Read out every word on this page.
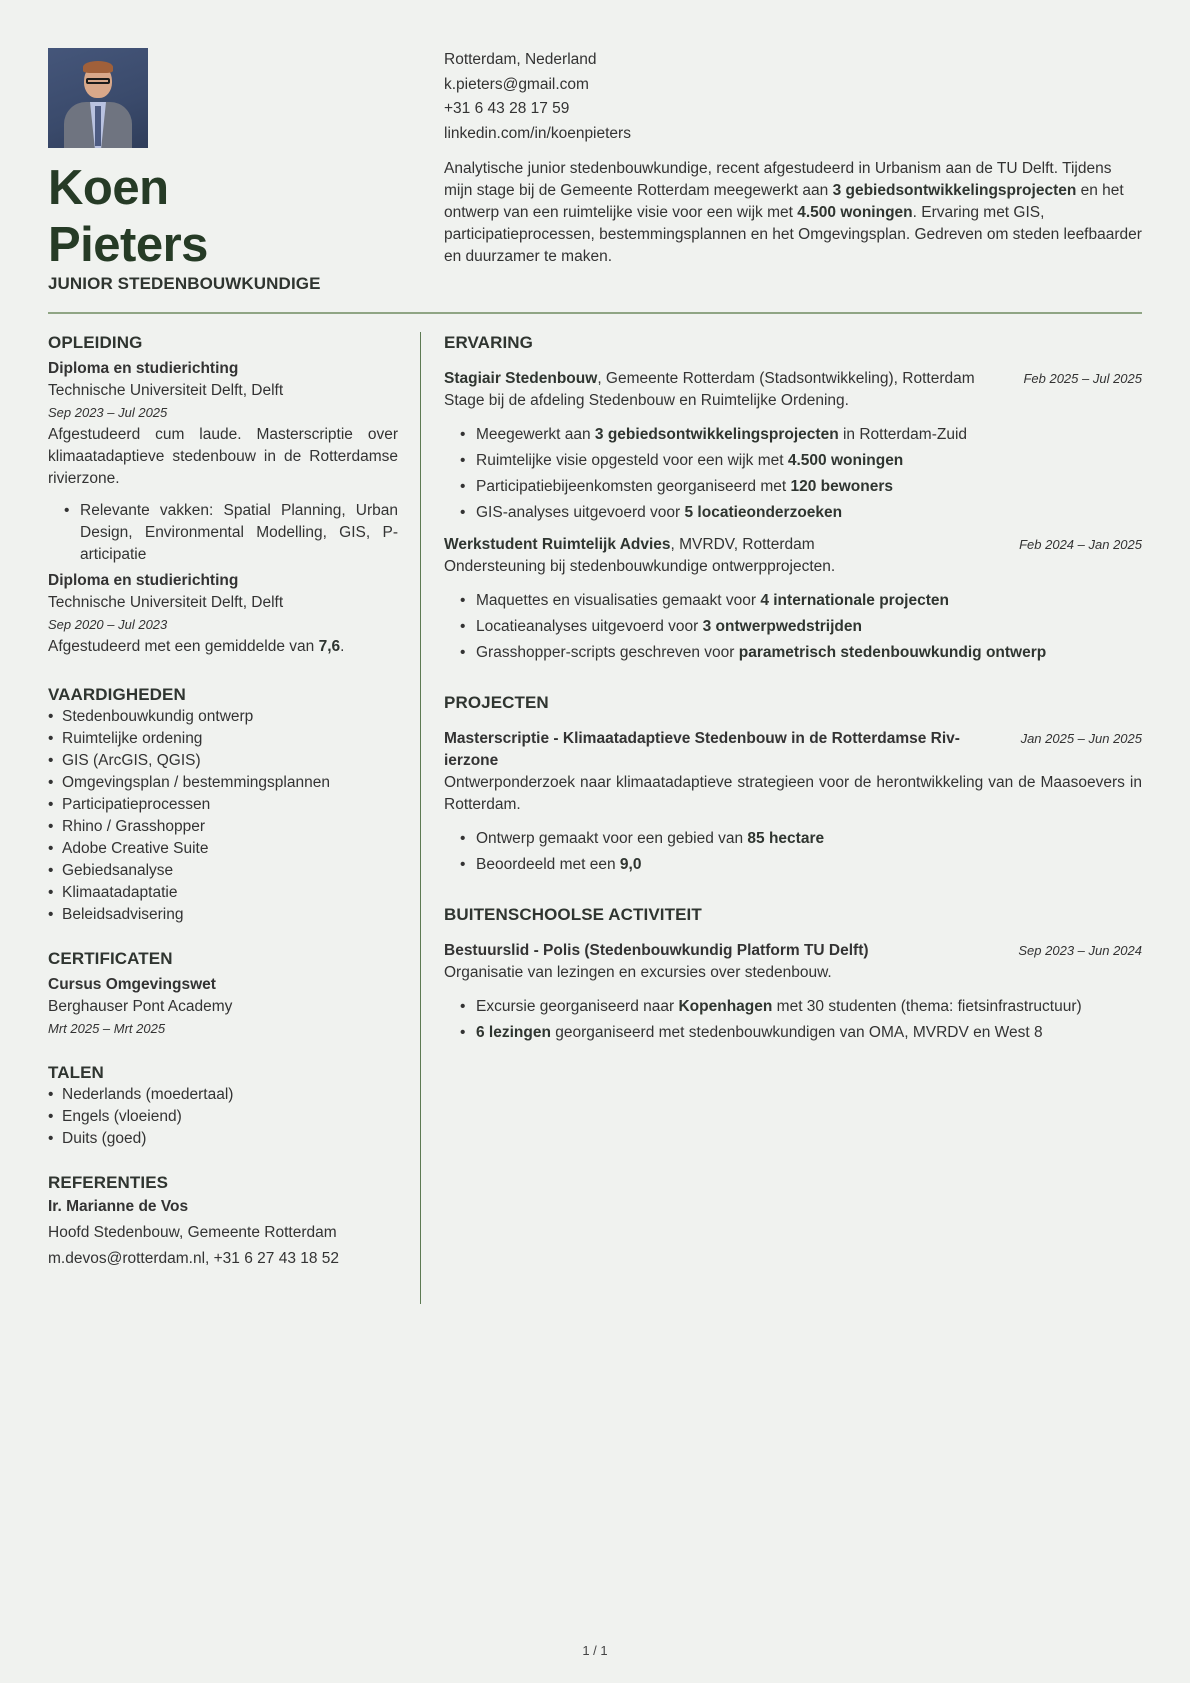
Koen
Pieters
JUNIOR STEDENBOUWKUNDIGE
Rotterdam, Nederland
k.pieters@gmail.com
+31 6 43 28 17 59
linkedin.com/in/koenpieters
Analytische junior stedenbouwkundige, recent afgestudeerd in Urbanism aan de TU Delft. Tijdens mijn stage bij de Gemeente Rotterdam meegewerkt aan 3 gebiedsontwikkelingsprojecten en het ontwerp van een ruimtelijke visie voor een wijk met 4.500 woningen. Ervaring met GIS, participatieprocessen, bestemmingsplannen en het Omgevingsplan. Gedreven om steden leefbaarder en duurzamer te maken.
OPLEIDING
Diploma en studierichting
Technische Universiteit Delft, Delft
Sep 2023 – Jul 2025
Afgestudeerd cum laude. Masterscriptie over klimaatadaptieve stedenbouw in de Rotterdamse rivierzone.
• Relevante vakken: Spatial Planning, Urban Design, Environmental Modelling, GIS, Participatie
Diploma en studierichting
Technische Universiteit Delft, Delft
Sep 2020 – Jul 2023
Afgestudeerd met een gemiddelde van 7,6.
VAARDIGHEDEN
• Stedenbouwkundig ontwerp
• Ruimtelijke ordening
• GIS (ArcGIS, QGIS)
• Omgevingsplan / bestemmingsplannen
• Participatieprocessen
• Rhino / Grasshopper
• Adobe Creative Suite
• Gebiedsanalyse
• Klimaatadaptatie
• Beleidsadvisering
CERTIFICATEN
Cursus Omgevingswet
Berghauser Pont Academy
Mrt 2025 – Mrt 2025
TALEN
• Nederlands (moedertaal)
• Engels (vloeiend)
• Duits (goed)
REFERENTIES
Ir. Marianne de Vos
Hoofd Stedenbouw, Gemeente Rotterdam
m.devos@rotterdam.nl, +31 6 27 43 18 52
ERVARING
Stagiair Stedenbouw, Gemeente Rotterdam (Stadsontwikkeling), Rotterdam	Feb 2025 – Jul 2025
Stage bij de afdeling Stedenbouw en Ruimtelijke Ordening.
• Meegewerkt aan 3 gebiedsontwikkelingsprojecten in Rotterdam-Zuid
• Ruimtelijke visie opgesteld voor een wijk met 4.500 woningen
• Participatiebijeenkomsten georganiseerd met 120 bewoners
• GIS-analyses uitgevoerd voor 5 locatieonderzoeken
Werkstudent Ruimtelijk Advies, MVRDV, Rotterdam	Feb 2024 – Jan 2025
Ondersteuning bij stedenbouwkundige ontwerpprojecten.
• Maquettes en visualisaties gemaakt voor 4 internationale projecten
• Locatieanalyses uitgevoerd voor 3 ontwerpwedstrijden
• Grasshopper-scripts geschreven voor parametrisch stedenbouwkundig ontwerp
PROJECTEN
Masterscriptie - Klimaatadaptieve Stedenbouw in de Rotterdamse Rivierzone
Jan 2025 – Jun 2025
Ontwerponderzoek naar klimaatadaptieve strategieen voor de herontwikkeling van de Maasoevers in Rotterdam.
• Ontwerp gemaakt voor een gebied van 85 hectare
• Beoordeeld met een 9,0
BUITENSCHOOLSE ACTIVITEIT
Bestuurslid - Polis (Stedenbouwkundig Platform TU Delft)	Sep 2023 – Jun 2024
Organisatie van lezingen en excursies over stedenbouw.
• Excursie georganiseerd naar Kopenhagen met 30 studenten (thema: fietsinfrastructuur)
• 6 lezingen georganiseerd met stedenbouwkundigen van OMA, MVRDV en West 8
1 / 1
